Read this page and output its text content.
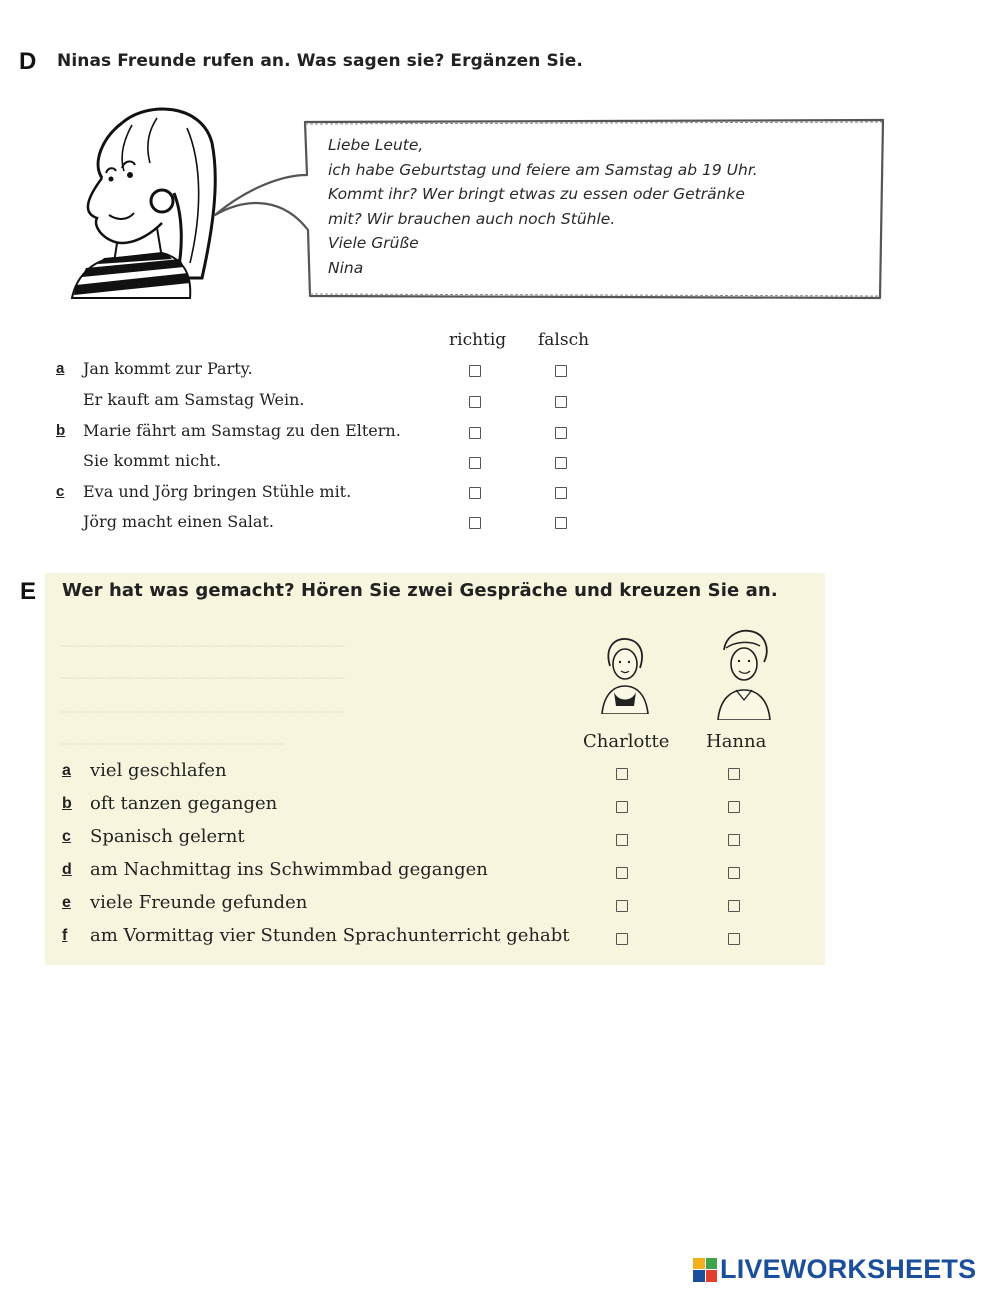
D Ninas Freunde rufen an. Was sagen sie? Ergänzen Sie.
Liebe Leute,
ich habe Geburtstag und feiere am Samstag ab 19 Uhr.
Kommt ihr? Wer bringt etwas zu essen oder Getränke
mit? Wir brauchen auch noch Stühle.
Viele Grüße
Nina
richtig falsch
a Jan kommt zur Party.
Er kauft am Samstag Wein.
b Marie fährt am Samstag zu den Eltern.
Sie kommt nicht.
c Eva und Jörg bringen Stühle mit.
Jörg macht einen Salat.
———————————————————
———————————————————
———————————————————
———————————————
E Wer hat was gemacht? Hören Sie zwei Gespräche und kreuzen Sie an.
Charlotte Hanna
a viel geschlafen
b oft tanzen gegangen
c Spanisch gelernt
d am Nachmittag ins Schwimmbad gegangen
e viele Freunde gefunden
f am Vormittag vier Stunden Sprachunterricht gehabt
LIVEWORKSHEETS
